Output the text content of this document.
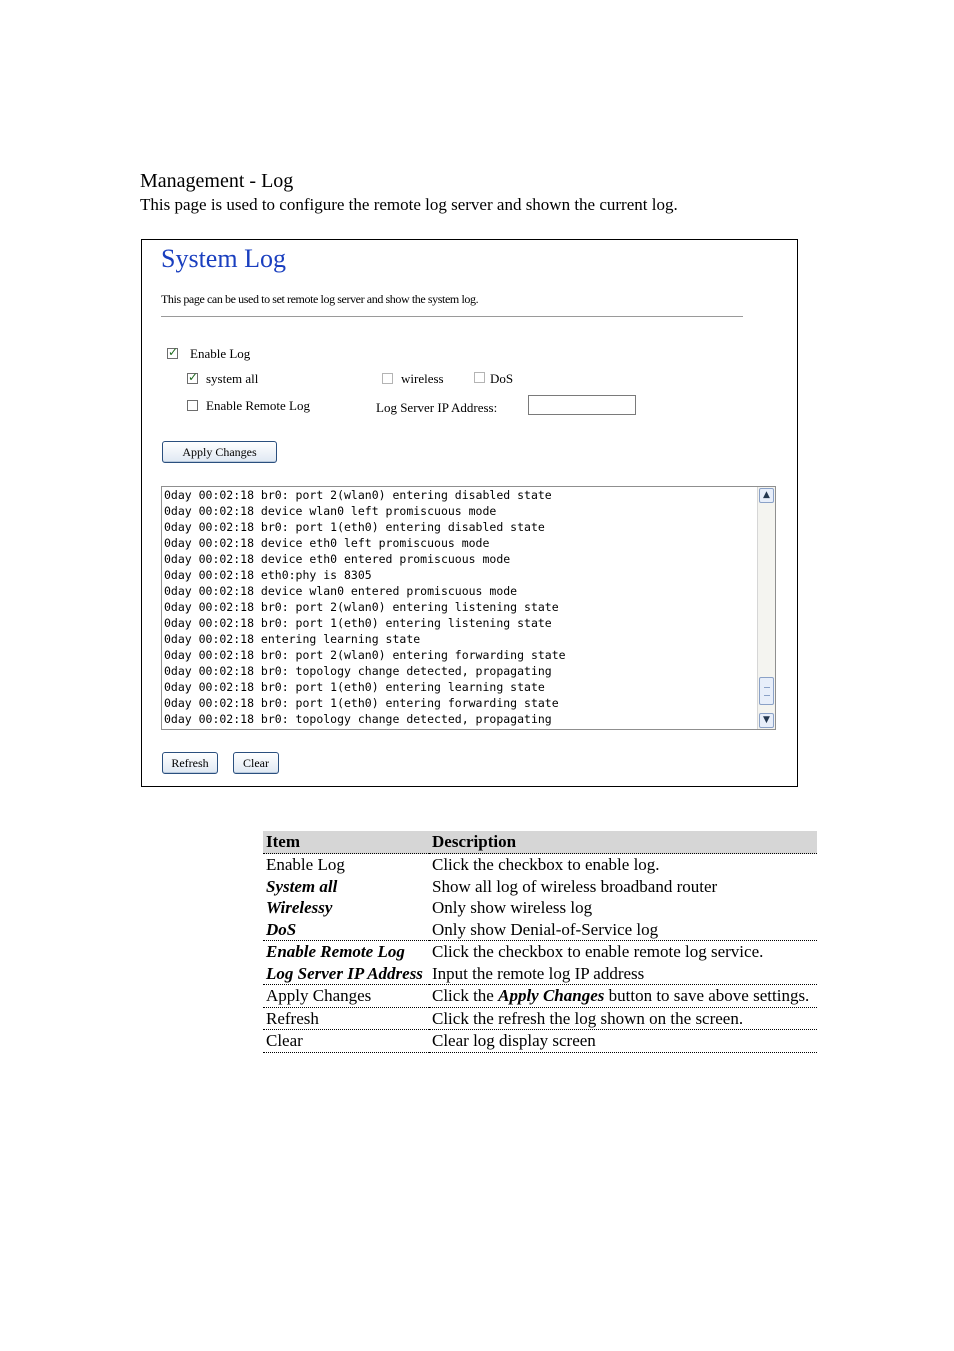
Management - Log
This page is used to configure the remote log server and shown the current log.
System Log
This page can be used to set remote log server and show the system log.
✓
Enable Log
✓
system all	wireless	DoS
Enable Remote Log	Log Server IP Address:
Apply Changes
0day 00:02:18 br0: port 2(wlan0) entering disabled state
0day 00:02:18 device wlan0 left promiscuous mode
0day 00:02:18 br0: port 1(eth0) entering disabled state
0day 00:02:18 device eth0 left promiscuous mode
0day 00:02:18 device eth0 entered promiscuous mode
0day 00:02:18 eth0:phy is 8305
0day 00:02:18 device wlan0 entered promiscuous mode
0day 00:02:18 br0: port 2(wlan0) entering listening state
0day 00:02:18 br0: port 1(eth0) entering listening state
0day 00:02:18 entering learning state
0day 00:02:18 br0: port 2(wlan0) entering forwarding state
0day 00:02:18 br0: topology change detected, propagating
0day 00:02:18 br0: port 1(eth0) entering learning state
0day 00:02:18 br0: port 1(eth0) entering forwarding state
0day 00:02:18 br0: topology change detected, propagating
▲
▼
Refresh	Clear
Item	Description
Enable Log	Click the checkbox to enable log.
System all	Show all log of wireless broadband router
Wirelessy	Only show wireless log
DoS	Only show Denial-of-Service log
Enable Remote Log	Click the checkbox to enable remote log service.
Log Server IP Address	Input the remote log IP address
Apply Changes	Click the Apply Changes button to save above settings.
Refresh	Click the refresh the log shown on the screen.
Clear	Clear log display screen
